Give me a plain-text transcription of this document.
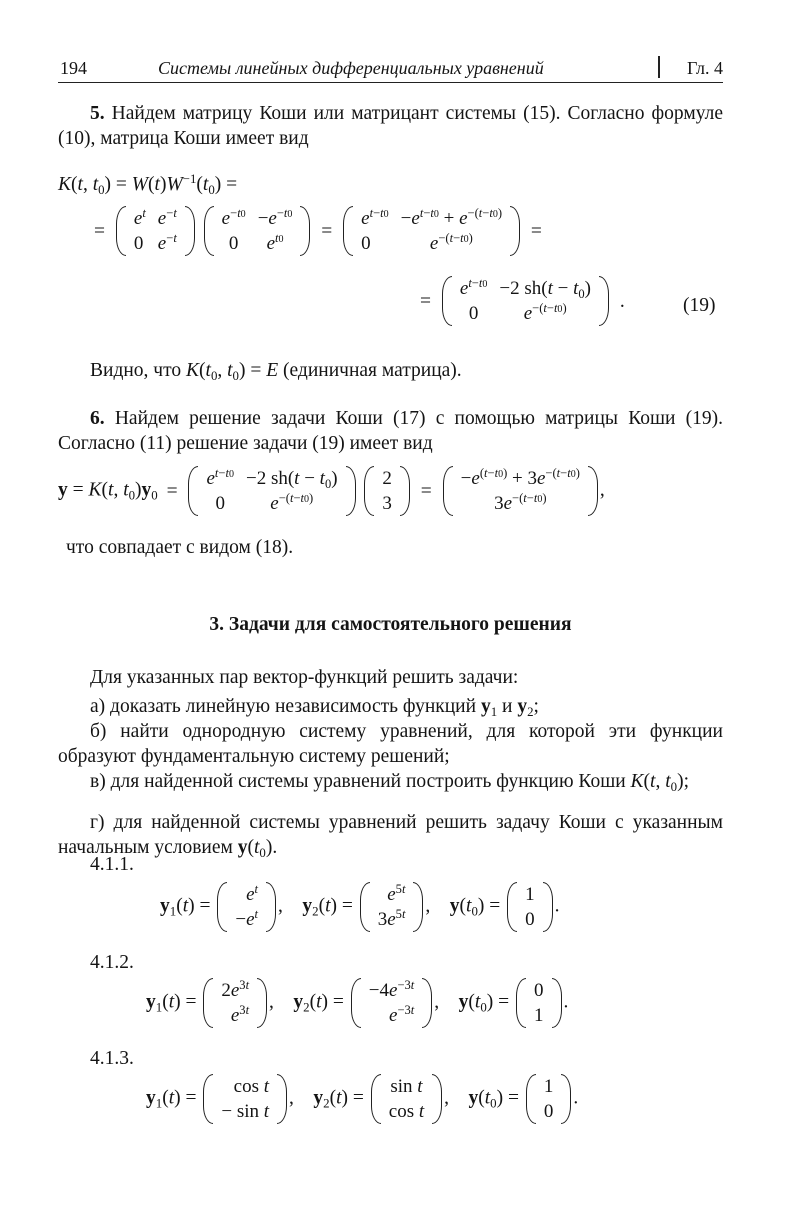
194	Системы линейных дифференциальных уравнений	Гл. 4
5. Найдем матрицу Коши или матрицант системы (15). Согласно формуле (10), матрица Коши имеет вид
K(t, $t_0) = W(t)W^{-1}(t_0)$ =
=
$e^t$	$e^{-t}$
0	$e^{-t}$

$e^{-t0}$	$-e^{-t0}$
0	$e^{t0}$ =
$e^{t-t0}$	$-e^{t-t0} + e^{-(t-t0)}$
0	$e^{-(t-t0)}$	=
=
$e^{t-t0}$	−2 $sh(t - t_0)$
0	$e^{-(t-t0)}$	.	(19)
Видно, что $K(t_0$, $t_0) = E$ (единичная матрица).
6. Найдем решение задачи Коши (17) с помощью матрицы Коши (19). Согласно (11) решение задачи (19) имеет вид
y = K(t, $t_0)y_0$ =
$e^{t-t0}$	−2 $sh(t - t_0)$
0	$e^{-(t-t0)}$

2
3
=
$-e^{(t-t0)} + 3e^{-(t-t0)}$
$3e^{-(t-t0)}$	,
что совпадает с видом (18).
3. Задачи для самостоятельного решения
Для указанных пар вектор-функций решить задачи:
а) доказать линейную независимость функций $y_1$ и $y_2$;
б) найти однородную систему уравнений, для которой эти функции образуют фундаментальную систему решений;
в) для найденной системы уравнений построить функцию Коши K(t, $t_0$);
г) для найденной системы уравнений решить задачу Коши с указанным начальным условием $y(t_0)$.
4.1.1.
$y_1(t)$ =
$e^t$
$-e^t$ ,    $y_2(t)$ =
$e^{5t}$
$3e^{5t}$ ,    $y(t_0)$ =
1
0
.
4.1.2.
$y_1(t)$ =
$2e^{3t}$
$e^{3t}$ ,    $y_2(t)$ =
$-4e^{-3t}$
$e^{-3t}$ ,    $y(t_0)$ =
0
1
.
4.1.3.
$y_1(t)$ =
cos t
− sin t
,    $y_2(t)$ =
sin t
cos t
,    $y(t_0)$ =
1
0
.
